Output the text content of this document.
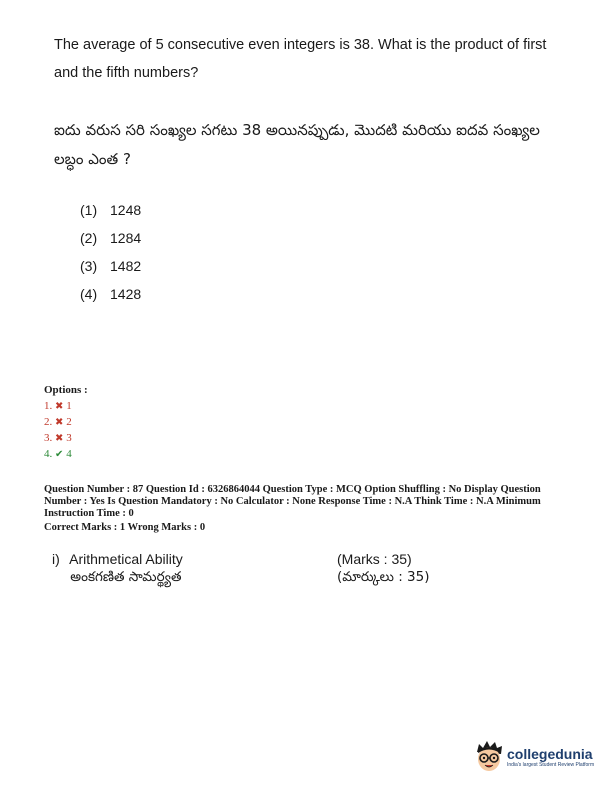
The average of 5 consecutive even integers is 38. What is the product of first and the fifth numbers?
ఐదు వరుస సరి సంఖ్యల సగటు 38 అయినప్పుడు, మొదటి మరియు ఐదవ సంఖ్యల లబ్ధం ఎంత ?
(1) 1248
(2) 1284
(3) 1482
(4) 1428
Options :
1. ✖ 1
2. ✖ 2
3. ✖ 3
4. ✔ 4
Question Number : 87 Question Id : 6326864044 Question Type : MCQ Option Shuffling : No Display Question Number : Yes Is Question Mandatory : No Calculator : None Response Time : N.A Think Time : N.A Minimum Instruction Time : 0
Correct Marks : 1 Wrong Marks : 0
i) Arithmetical Ability	(Marks : 35)
అంకగణిత సామర్థ్యత	(మార్కులు : 35)
collegedunia
India's largest Student Review Platform
